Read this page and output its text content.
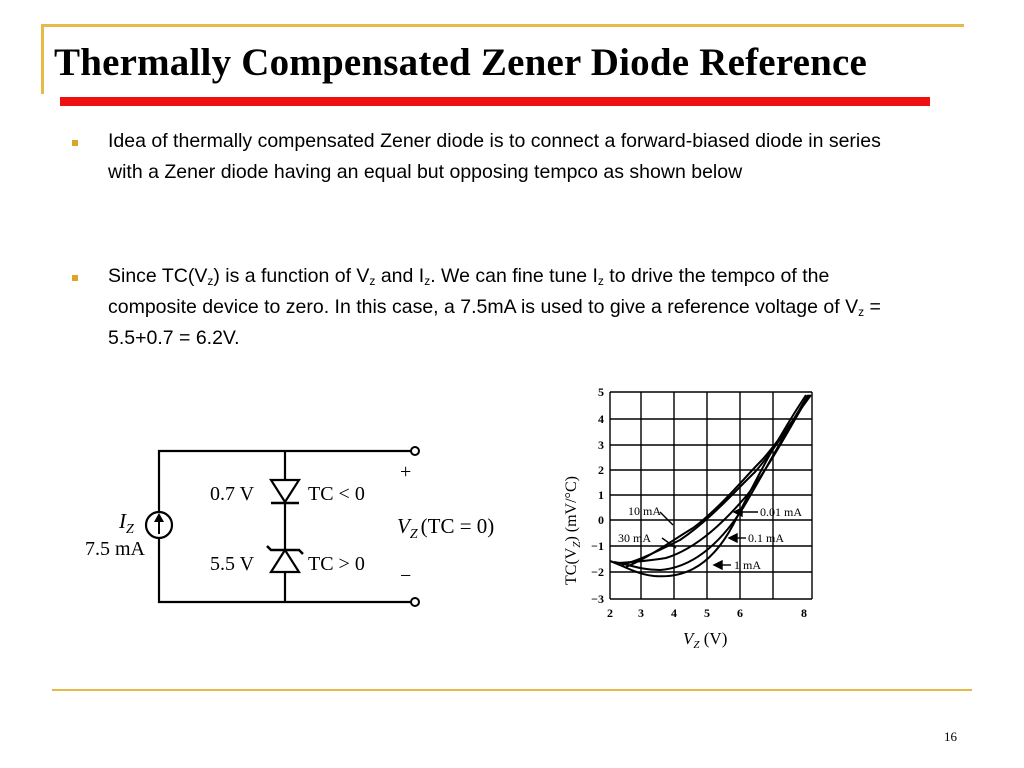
Thermally Compensated Zener Diode Reference
Idea of thermally compensated Zener diode is to connect a forward-biased diode in series with a Zener diode having an equal but opposing tempco as shown below
Since $TC(V_z)$ is a function of $V_z$ and $I_z$. We can fine tune $I_z$ to drive the tempco of the composite device to zero. In this case, a 7.5mA is used to give a reference voltage of $V_z = 5.5+0.7 = 6.2V$.
$I_Z$
7.5 mA
0.7 V	TC < 0
5.5 V	TC > 0
+
−
$V_Z$ (TC = 0)
10 mA
30 mA
0.01 mA
0.1 mA
1 mA
5
4
3
2
1
0
−1
−2
−3
2 3 4 5 6	8
$V_Z$ (V)
$TC(V_Z)$ (mV/°C)
16
